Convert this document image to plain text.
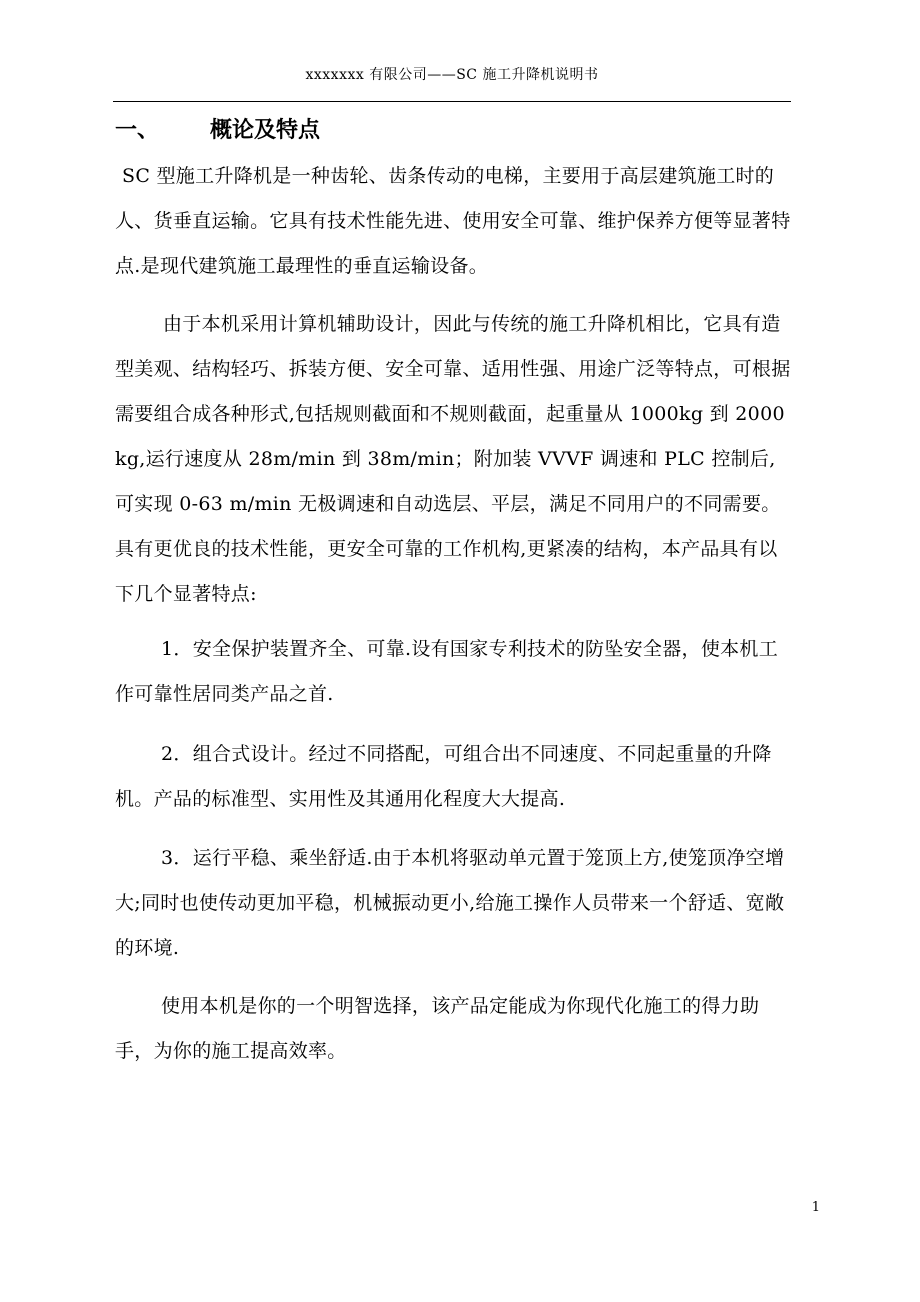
xxxxxxx 有限公司——SC 施工升降机说明书
一、 概论及特点

SC 型施工升降机是一种齿轮、齿条传动的电梯，主要用于高层建筑施工时的人、货垂直运输。它具有技术性能先进、使用安全可靠、维护保养方便等显著特点.是现代建筑施工最理性的垂直运输设备。

由于本机采用计算机辅助设计，因此与传统的施工升降机相比，它具有造型美观、结构轻巧、拆装方便、安全可靠、适用性强、用途广泛等特点，可根据需要组合成各种形式,包括规则截面和不规则截面，起重量从 1000kg 到 2000kg,运行速度从 28m/min 到 38m/min；附加装 VVVF 调速和 PLC 控制后,可实现 0-63 m/min 无极调速和自动选层、平层，满足不同用户的不同需要。具有更优良的技术性能，更安全可靠的工作机构,更紧凑的结构，本产品具有以下几个显著特点:

1．安全保护装置齐全、可靠.设有国家专利技术的防坠安全器，使本机工作可靠性居同类产品之首.

2．组合式设计。经过不同搭配，可组合出不同速度、不同起重量的升降机。产品的标准型、实用性及其通用化程度大大提高.

3．运行平稳、乘坐舒适.由于本机将驱动单元置于笼顶上方,使笼顶净空增大;同时也使传动更加平稳，机械振动更小,给施工操作人员带来一个舒适、宽敞的环境.

使用本机是你的一个明智选择，该产品定能成为你现代化施工的得力助手，为你的施工提高效率。

1
